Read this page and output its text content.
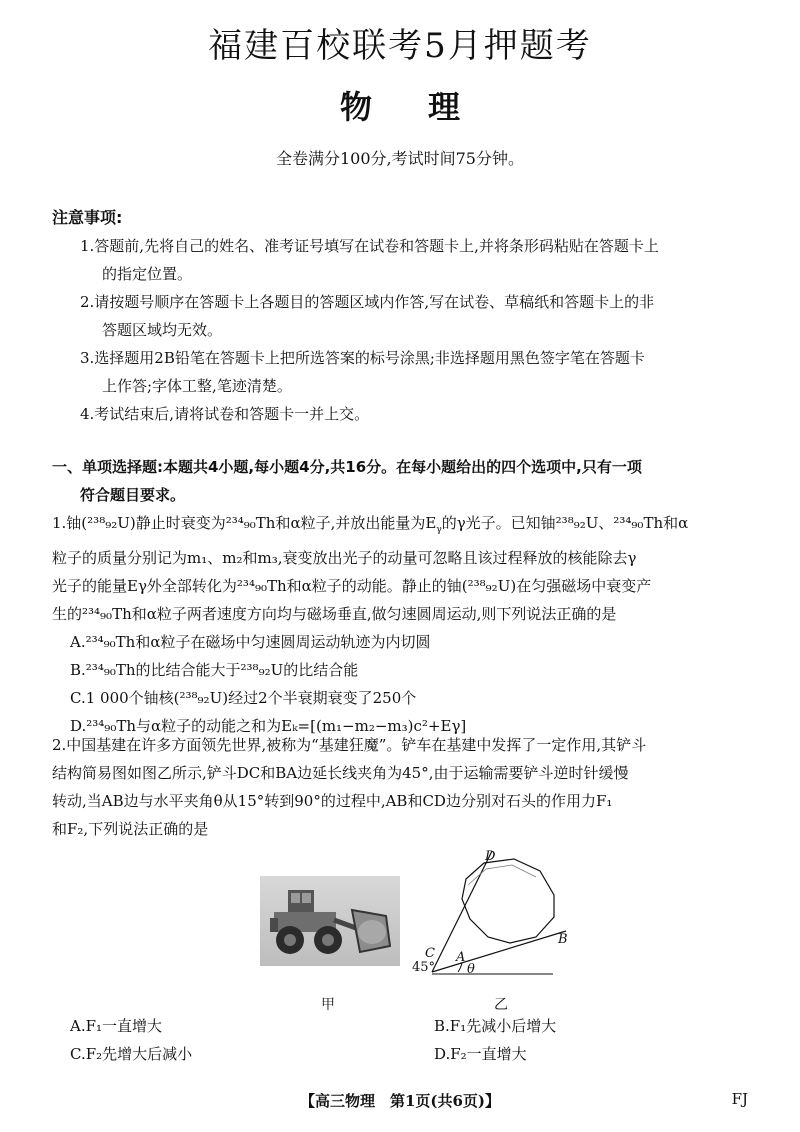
福建百校联考5月押题考
物 理
全卷满分100分,考试时间75分钟。
注意事项:
1.答题前,先将自己的姓名、准考证号填写在试卷和答题卡上,并将条形码粘贴在答题卡上
的指定位置。
2.请按题号顺序在答题卡上各题目的答题区域内作答,写在试卷、草稿纸和答题卡上的非
答题区域均无效。
3.选择题用2B铅笔在答题卡上把所选答案的标号涂黑;非选择题用黑色签字笔在答题卡
上作答;字体工整,笔迹清楚。
4.考试结束后,请将试卷和答题卡一并上交。
一、单项选择题:本题共4小题,每小题4分,共16分。在每小题给出的四个选项中,只有一项
符合题目要求。
1.铀(²³⁸₉₂U)静止时衰变为²³⁴₉₀Th和α粒子,并放出能量为$E_\gamma$的γ光子。已知铀²³⁸₉₂U、²³⁴₉₀Th和α
粒子的质量分别记为m₁、m₂和m₃,衰变放出光子的动量可忽略且该过程释放的核能除去γ
光子的能量Eγ外全部转化为²³⁴₉₀Th和α粒子的动能。静止的铀(²³⁸₉₂U)在匀强磁场中衰变产
生的²³⁴₉₀Th和α粒子两者速度方向均与磁场垂直,做匀速圆周运动,则下列说法正确的是
A.²³⁴₉₀Th和α粒子在磁场中匀速圆周运动轨迹为内切圆
B.²³⁴₉₀Th的比结合能大于²³⁸₉₂U的比结合能
C.1 000个铀核(²³⁸₉₂U)经过2个半衰期衰变了250个
D.²³⁴₉₀Th与α粒子的动能之和为Eₖ=[(m₁−m₂−m₃)c²+Eγ]
2.中国基建在许多方面领先世界,被称为“基建狂魔”。铲车在基建中发挥了一定作用,其铲斗
结构简易图如图乙所示,铲斗DC和BA边延长线夹角为45°,由于运输需要铲斗逆时针缓慢
转动,当AB边与水平夹角θ从15°转到90°的过程中,AB和CD边分别对石头的作用力F₁
和F₂,下列说法正确的是
D
C A
B
45° θ
甲	乙
A.F₁一直增大	B.F₁先减小后增大
C.F₂先增大后减小	D.F₂一直增大
【高三物理　第1页(共6页)】	FJ
